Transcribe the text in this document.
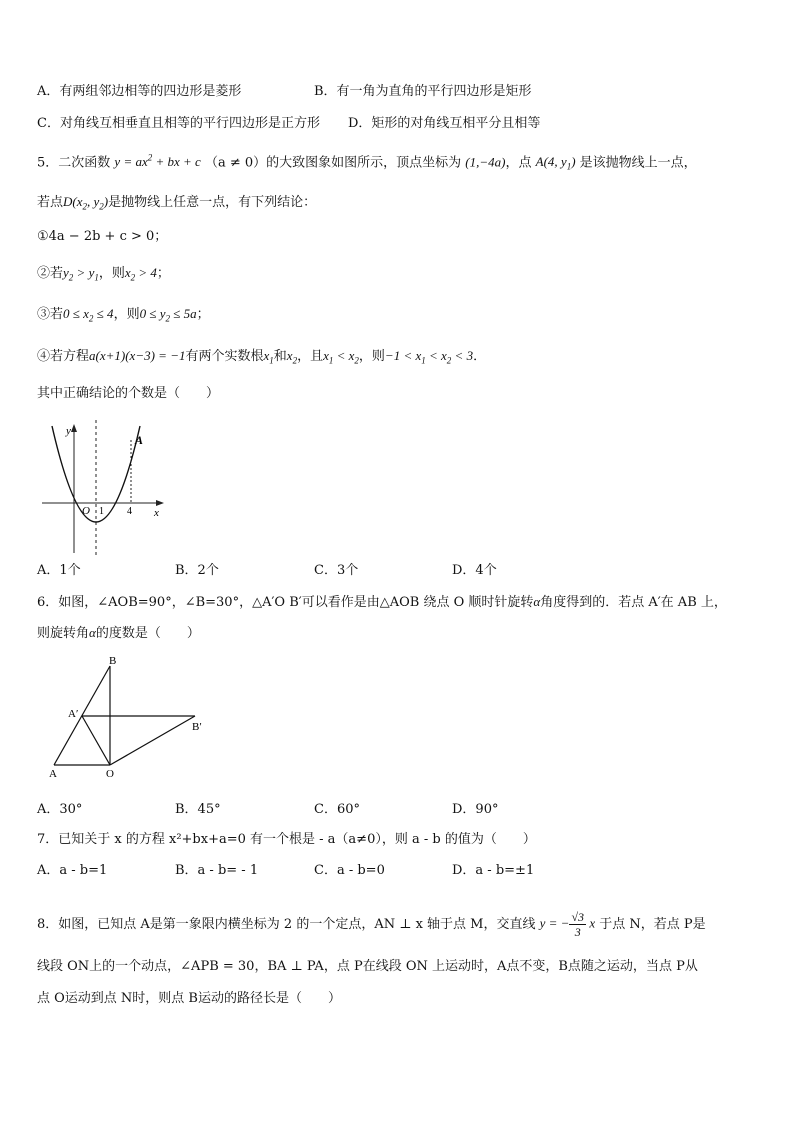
A．有两组邻边相等的四边形是菱形	B．有一角为直角的平行四边形是矩形
C．对角线互相垂直且相等的平行四边形是正方形 D．矩形的对角线互相平分且相等
5．二次函数 $y = ax^2$ + bx + c （a ≠ 0）的大致图象如图所示，顶点坐标为 (1,−4a)，点 A(4, $y_1$) 是该抛物线上一点，
若点$D(x_2$, $y_2$)是抛物线上任意一点，有下列结论：
①4a − 2b + c > 0；
②若$y_2 > y_1$，则$x_2 > 4$；
③若$0 \le x_2 \le 4$，则$0 \le y_2 \le 5a$；
④若方程a(x+1)(x−3) = −1有两个实数根$x_1$和$x_2$，且$x_1 < x_2$，则$-1 < x_1 < x_2 < 3$．
其中正确结论的个数是（　　）
y
x
O 1 4
A
A．1个	B．2个	C．3个	D．4个
6．如图，∠AOB=90°，∠B=30°，△A′O B′可以看作是由△AOB 绕点 O 顺时针旋转α角度得到的．若点 A′在 AB 上，
则旋转角α的度数是（　　）
B
A′
B′
A	O
A．30°	B．45°	C．60°	D．90°
7．已知关于 x 的方程 x²+bx+a=0 有一个根是 - a（a≠0），则 a - b 的值为（　　）
A．a - b=1	B．a - b= - 1	C．a - b=0	D．a - b=±1
8．如图，已知点 A是第一象限内横坐标为 2 的一个定点，AN ⊥ x 轴于点 M，交直线 y = − $\frac{√3}{3}$ x 于点 N，若点 P是
线段 ON上的一个动点，∠APB = 30，BA ⊥ PA，点 P在线段 ON 上运动时，A点不变，B点随之运动，当点 P从
点 O运动到点 N时，则点 B运动的路径长是（　　）
